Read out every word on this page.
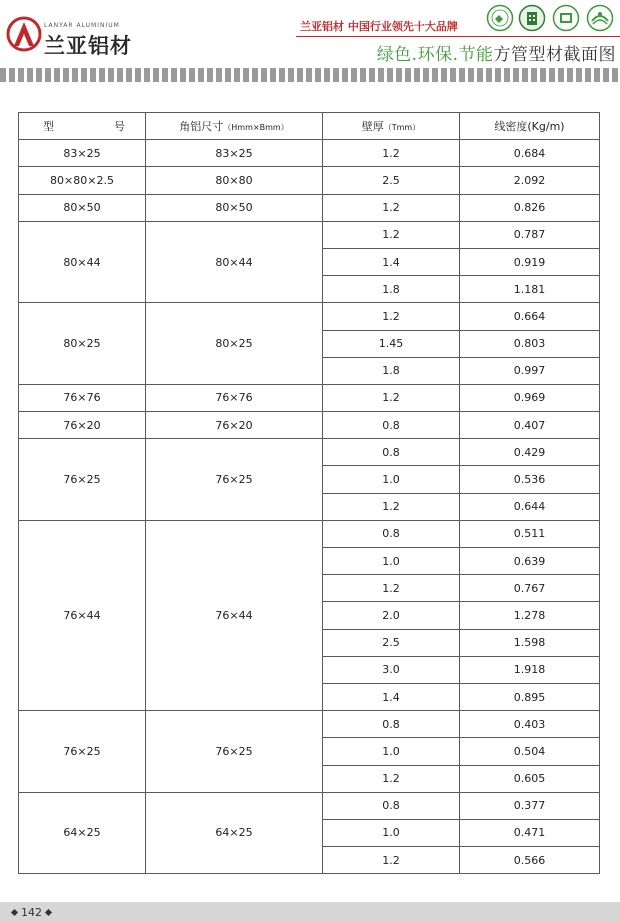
LANYAR ALUMINIUM
兰亚铝材
兰亚铝材 中国行业领先十大品牌
绿色.环保.节能方管型材截面图
型 号	角铝尺寸（Hmm×Bmm）	壁厚（Tmm）	线密度(Kg/m)
83×25	83×25	1.2	0.684
80×80×2.5	80×80	2.5	2.092
80×50	80×50	1.2	0.826
80×44	80×44	1.2	0.787
		1.4	0.919
		1.8	1.181
80×25	80×25	1.2	0.664
		1.45	0.803
		1.8	0.997
76×76	76×76	1.2	0.969
76×20	76×20	0.8	0.407
76×25	76×25	0.8	0.429
		1.0	0.536
		1.2	0.644
76×44	76×44	0.8	0.511
		1.0	0.639
		1.2	0.767
		2.0	1.278
		2.5	1.598
		3.0	1.918
		1.4	0.895
76×25	76×25	0.8	0.403
		1.0	0.504
		1.2	0.605
64×25	64×25	0.8	0.377
		1.0	0.471
		1.2	0.566
142
